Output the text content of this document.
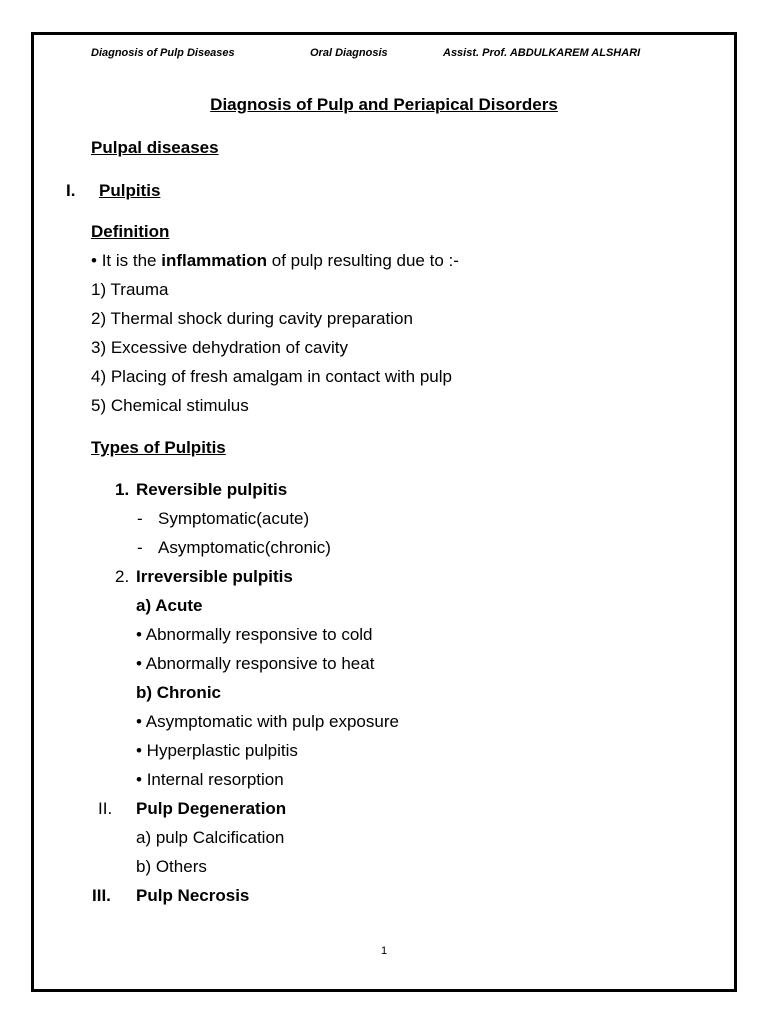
Diagnosis of Pulp Diseases	Oral Diagnosis	Assist. Prof. ABDULKAREM ALSHARI
Diagnosis of Pulp and Periapical Disorders
Pulpal diseases
I. Pulpitis
Definition
• It is the inflammation of pulp resulting due to :-
1) Trauma
2) Thermal shock during cavity preparation
3) Excessive dehydration of cavity
4) Placing of fresh amalgam in contact with pulp
5) Chemical stimulus
Types of Pulpitis
1. Reversible pulpitis
- Symptomatic(acute)
- Asymptomatic(chronic)
2. Irreversible pulpitis
a) Acute
• Abnormally responsive to cold
• Abnormally responsive to heat
b) Chronic
• Asymptomatic with pulp exposure
• Hyperplastic pulpitis
• Internal resorption
II. Pulp Degeneration
a) pulp Calcification
b) Others
III. Pulp Necrosis
1
